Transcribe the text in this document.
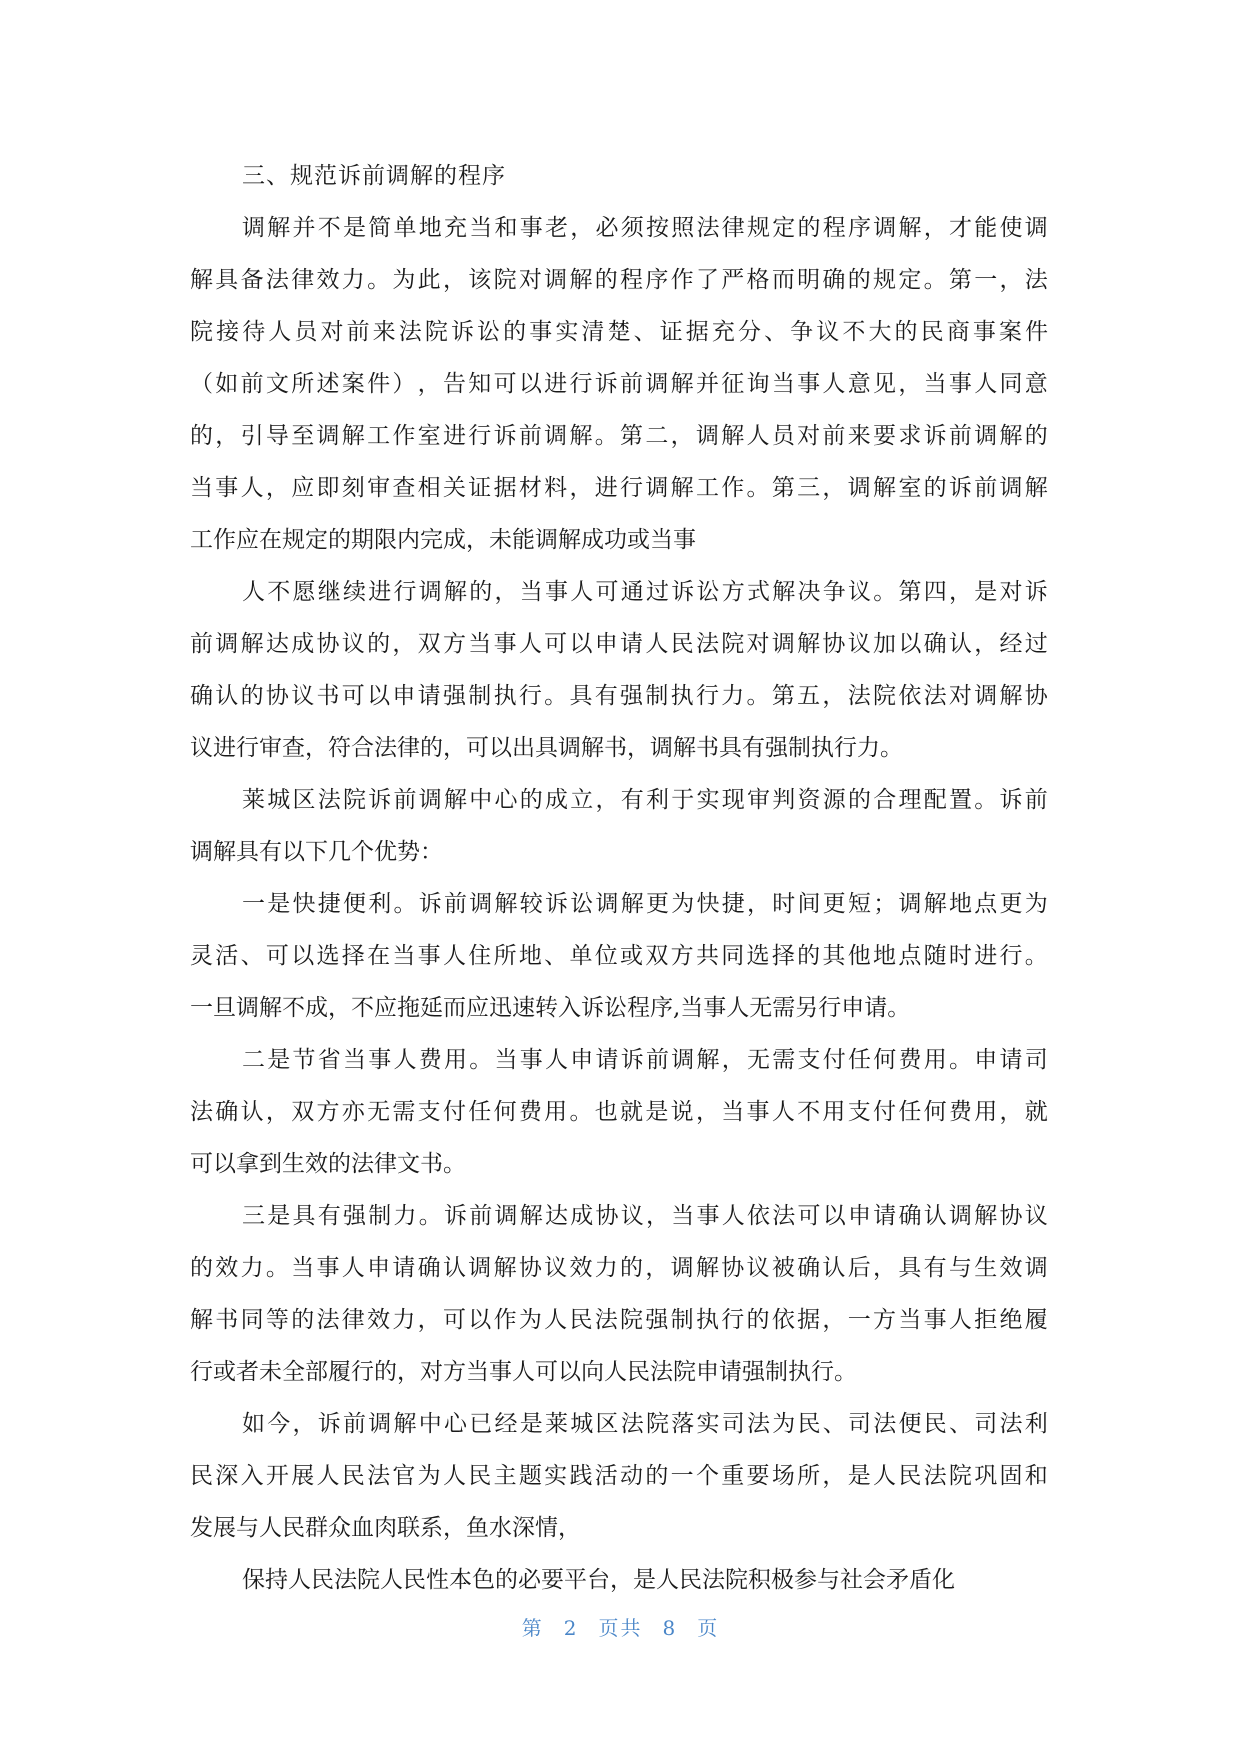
三、规范诉前调解的程序

调 解 并 不 是 简 单 地 充 当 和 事 老 ， 必 须 按 照 法 律 规 定 的 程 序 调 解 ， 才 能 使 调
解 具 备 法 律 效 力 。 为 此 ， 该 院 对 调 解 的 程 序 作 了 严 格 而 明 确 的 规 定 。 第 一 ， 法
院 接 待 人 员 对 前 来 法 院 诉 讼 的 事 实 清 楚 、 证 据 充 分 、 争 议 不 大 的 民 商 事 案 件
（ 如 前 文 所 述 案 件 ） ， 告 知 可 以 进 行 诉 前 调 解 并 征 询 当 事 人 意 见 ， 当 事 人 同 意
的 ， 引 导 至 调 解 工 作 室 进 行 诉 前 调 解 。 第 二 ， 调 解 人 员 对 前 来 要 求 诉 前 调 解 的
当 事 人 ， 应 即 刻 审 查 相 关 证 据 材 料 ， 进 行 调 解 工 作 。 第 三 ， 调 解 室 的 诉 前 调 解
工作应在规定的期限内完成，未能调解成功或当事
人 不 愿 继 续 进 行 调 解 的 ， 当 事 人 可 通 过 诉 讼 方 式 解 决 争 议 。 第 四 ， 是 对 诉
前 调 解 达 成 协 议 的 ， 双 方 当 事 人 可 以 申 请 人 民 法 院 对 调 解 协 议 加 以 确 认 ， 经 过
确 认 的 协 议 书 可 以 申 请 强 制 执 行 。 具 有 强 制 执 行 力 。 第 五 ， 法 院 依 法 对 调 解 协
议进行审查，符合法律的，可以出具调解书，调解书具有强制执行力。
莱 城 区 法 院 诉 前 调 解 中 心 的 成 立 ， 有 利 于 实 现 审 判 资 源 的 合 理 配 置 。 诉 前
调解具有以下几个优势：
一 是 快 捷 便 利 。 诉 前 调 解 较 诉 讼 调 解 更 为 快 捷 ， 时 间 更 短 ； 调 解 地 点 更 为
灵 活 、 可 以 选 择 在 当 事 人 住 所 地 、 单 位 或 双 方 共 同 选 择 的 其 他 地 点 随 时 进 行 。
一旦调解不成，不应拖延而应迅速转入诉讼程序,当事人无需另行申请。
二 是 节 省 当 事 人 费 用 。 当 事 人 申 请 诉 前 调 解 ， 无 需 支 付 任 何 费 用 。 申 请 司
法 确 认 ， 双 方 亦 无 需 支 付 任 何 费 用 。 也 就 是 说 ， 当 事 人 不 用 支 付 任 何 费 用 ， 就
可以拿到生效的法律文书。
三 是 具 有 强 制 力 。 诉 前 调 解 达 成 协 议 ， 当 事 人 依 法 可 以 申 请 确 认 调 解 协 议
的 效 力 。 当 事 人 申 请 确 认 调 解 协 议 效 力 的 ， 调 解 协 议 被 确 认 后 ， 具 有 与 生 效 调
解 书 同 等 的 法 律 效 力 ， 可 以 作 为 人 民 法 院 强 制 执 行 的 依 据 ， 一 方 当 事 人 拒 绝 履
行或者未全部履行的，对方当事人可以向人民法院申请强制执行。
如 今 ， 诉 前 调 解 中 心 已 经 是 莱 城 区 法 院 落 实 司 法 为 民 、 司 法 便 民 、 司 法 利
民 深 入 开 展 人 民 法 官 为 人 民 主 题 实 践 活 动 的 一 个 重 要 场 所 ， 是 人 民 法 院 巩 固 和
发展与人民群众血肉联系，鱼水深情，
保持人民法院人民性本色的必要平台，是人民法院积极参与社会矛盾化
第 2 页共 8 页
